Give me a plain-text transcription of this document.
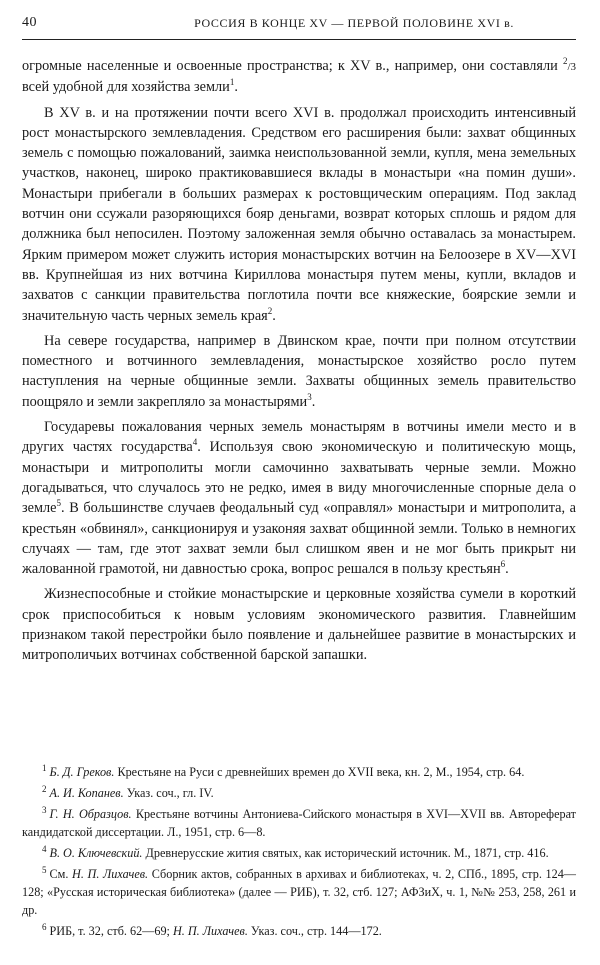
40	РОССИЯ В КОНЦЕ XV — ПЕРВОЙ ПОЛОВИНЕ XVI в.

огромные населенные и освоенные пространства; к XV в., например, они составляли $^2$/3 всей удобной для хозяйства земли$^1$.

В XV в. и на протяжении почти всего XVI в. продолжал происходить интенсивный рост монастырского землевладения. Средством его расширения были: захват общинных земель с помощью пожалований, заимка неиспользованной земли, купля, мена земельных участков, наконец, широко практиковавшиеся вклады в монастыри «на помин души». Монастыри прибегали в больших размерах к ростовщическим операциям. Под заклад вотчин они ссужали разоряющихся бояр деньгами, возврат которых сплошь и рядом для должника был непосилен. Поэтому заложенная земля обычно оставалась за монастырем. Ярким примером может служить история монастырских вотчин на Белоозере в XV—XVI вв. Крупнейшая из них вотчина Кириллова монастыря путем мены, купли, вкладов и захватов с санкции правительства поглотила почти все княжеские, боярские земли и значительную часть черных земель края$^2$.

На севере государства, например в Двинском крае, почти при полном отсутствии поместного и вотчинного землевладения, монастырское хозяйство росло путем наступления на черные общинные земли. Захваты общинных земель правительство поощряло и земли закрепляло за монастырями$^3$.

Государевы пожалования черных земель монастырям в вотчины имели место и в других частях государства$^4$. Используя свою экономическую и политическую мощь, монастыри и митрополиты могли самочинно захватывать черные земли. Можно догадываться, что случалось это не редко, имея в виду многочисленные спорные дела о земле$^5$. В большинстве случаев феодальный суд «оправлял» монастыри и митрополита, а крестьян «обвинял», санкционируя и узаконяя захват общинной земли. Только в немногих случаях — там, где этот захват земли был слишком явен и не мог быть прикрыт ни жалованной грамотой, ни давностью срока, вопрос решался в пользу крестьян$^6$.

Жизнеспособные и стойкие монастырские и церковные хозяйства сумели в короткий срок приспособиться к новым условиям экономического развития. Главнейшим признаком такой перестройки было появление и дальнейшее развитие в монастырских и митрополичьих вотчинах собственной барской запашки.

$^1$ Б. Д. Греков. Крестьяне на Руси с древнейших времен до XVII века, кн. 2, М., 1954, стр. 64.

$^2$ А. И. Копанев. Указ. соч., гл. IV.

$^3$ Г. Н. Образцов. Крестьяне вотчины Антониева-Сийского монастыря в XVI—XVII вв. Автореферат кандидатской диссертации. Л., 1951, стр. 6—8.

$^4$ В. О. Ключевский. Древнерусские жития святых, как исторический источник. М., 1871, стр. 416.

$^5$ См. Н. П. Лихачев. Сборник актов, собранных в архивах и библиотеках, ч. 2, СПб., 1895, стр. 124—128; «Русская историческая библиотека» (далее — РИБ), т. 32, стб. 127; АФЗиХ, ч. 1, №№ 253, 258, 261 и др.

$^6$ РИБ, т. 32, стб. 62—69; Н. П. Лихачев. Указ. соч., стр. 144—172.
